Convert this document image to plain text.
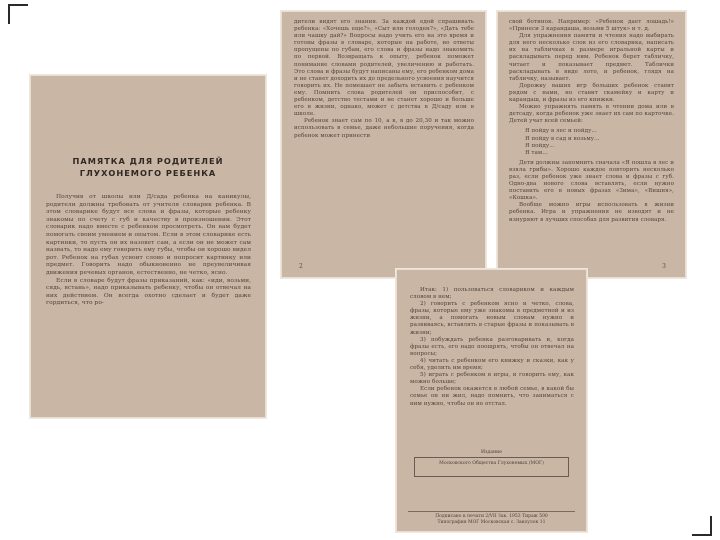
ПАМЯТКА ДЛЯ РОДИТЕЛЕЙ
ГЛУХОНЕМОГО РЕБЕНКА

Получив от школы или Д/сада ребенка на каникулы, родители должны требовать от учителя словарик ребенка. В этом словарике будут все слова и фразы, которые ребенку знакомы по счету с губ и качеству в произношении. Этот словарик надо вместе с ребенком просмотреть. Он вам будет помогать своим умением и опытом. Если в этом словарике есть картинки, то пусть он их назовет сам, а если он не может сам назвать, то надо ему говорить ему губы, чтобы он хорошо видел рот. Ребенок на губах усвоит слово и попросит картинку или предмет. Говорить надо обыкновенно не преувеличивая движения речевых органов, естественно, не четко, ясно.

Если в словаре будут фразы приказаний, как: «иди, возьми, сядь, встань», надо приказывать ребенку, чтобы он отвечал на них действием. Он всегда охотно сделает и будет даже гордиться, что ро-

дители видят его знания. За каждой едой спрашивать ребенка: «Хочешь еще?», «Сыт или голоден?», «Дать тебе или чашку дай?» Вопросы надо учить его на это время и готовы фразы в словаре, которые на работе, но ответы пропущены по губам, его слова и фразы надо знакомить по первой. Возвращать к опыту, ребенок поможет понимание словами родителей, увеличению и работать. Это слова и фразы будут написаны ему, его ребенком дома и не станет доходить их до предельного усвоения научится говорить их. Не помешает не забыть вставить с ребенком ему. Помнить слова родителей он приспособит, с ребенком, детство тестами и не станет хорошо и больше его в жизни, однако, может с детства в Д/саду или в школе.

Ребенок знает сам по 10, а в, в до 20,30 и так можно использовать в семье, даже небольшие поручения, когда ребенок может принести

2

свой ботинок. Например: «Ребенок дает лошадь!» «Принеси 3 карандаша, возьми 5 штук» и т. д.

Для упражнения памяти и чтения надо выбирать для него несколько слов из его словарика, написать их на табличках в размере игральной карты и раскладывать перед ним. Ребенок берет табличку, читает и показывает предмет. Таблички раскладывать в виде лото, и ребенок, глядя на табличку, называет.

Дорожку ваших игр больших ребенок ставит рядом с нами, но ставит скамейку и карту и карандаш, и фразы из его книжки.

Можно упражнять память в чтении дома или в детсаду, когда ребенок уже знает их сам по карточке. Детей учат всей семьей:

Я пойду в лес и пойду...
Я пойду в сад и возьму...
Я пойду...
Я там...

Дети должны запомнить сначала «Я пошла в лес и взяла грибы». Хорошо каждое повторить несколько раз, если ребенок уже знает слова и фразы с губ. Одно-два нового слова вставлять, если нужно поставить его в новых фразах «Зима», «Вишня», «Кошка».

Вообще можно игры использовать в жизни ребенка. Игра и упражнения не изводят и не изнуряют в лучших способах для развития словаря.

3

Итак: 1) пользоваться словариком и каждым словом в нем;

2) говорить с ребенком ясно и четко, слова, фразы, которые ему уже знакомы в предметной и из жизни, а помогать новым словам нужно и развиваясь, вставлять в старые фразы и показывать в жизни;

3) побуждать ребенка разговаривать и, когда фразы есть, его надо поощрять, чтобы он отвечал на вопросы;

4) читать с ребенком его книжку и сказки, как у себя, уделить им время;

5) играть с ребенком в игры, и говорить ему, как можно больше;

Если ребенок окажется в любой семье, в какой бы семье он ни жил, надо помнить, что заниматься с ним нужно, чтобы он не отстал.

Издание
Московского Общества Глухонемых (МОГ)
Подписано к печати 2/VII Зак. 1953 Тираж 500
Типография МОГ Московская с. Закоулок 11
